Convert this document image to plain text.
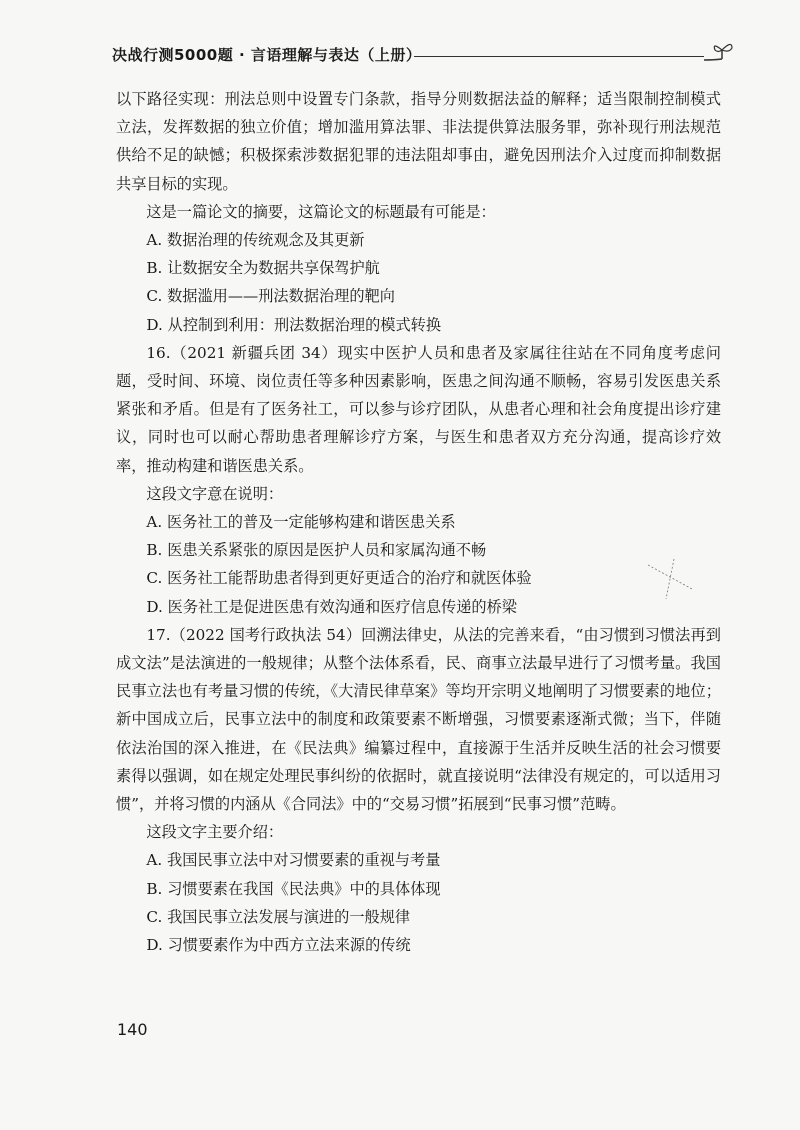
决战行测5000题 · 言语理解与表达（上册）

以下路径实现：刑法总则中设置专门条款，指导分则数据法益的解释；适当限制控制模式立法，发挥数据的独立价值；增加滥用算法罪、非法提供算法服务罪，弥补现行刑法规范供给不足的缺憾；积极探索涉数据犯罪的违法阻却事由，避免因刑法介入过度而抑制数据共享目标的实现。

这是一篇论文的摘要，这篇论文的标题最有可能是：

A. 数据治理的传统观念及其更新

B. 让数据安全为数据共享保驾护航

C. 数据滥用——刑法数据治理的靶向

D. 从控制到利用：刑法数据治理的模式转换

16.（2021 新疆兵团 34）现实中医护人员和患者及家属往往站在不同角度考虑问题，受时间、环境、岗位责任等多种因素影响，医患之间沟通不顺畅，容易引发医患关系紧张和矛盾。但是有了医务社工，可以参与诊疗团队，从患者心理和社会角度提出诊疗建议，同时也可以耐心帮助患者理解诊疗方案，与医生和患者双方充分沟通，提高诊疗效率，推动构建和谐医患关系。

这段文字意在说明：

A. 医务社工的普及一定能够构建和谐医患关系

B. 医患关系紧张的原因是医护人员和家属沟通不畅

C. 医务社工能帮助患者得到更好更适合的治疗和就医体验

D. 医务社工是促进医患有效沟通和医疗信息传递的桥梁

17.（2022 国考行政执法 54）回溯法律史，从法的完善来看，“由习惯到习惯法再到成文法”是法演进的一般规律；从整个法体系看，民、商事立法最早进行了习惯考量。我国民事立法也有考量习惯的传统，《大清民律草案》等均开宗明义地阐明了习惯要素的地位；新中国成立后，民事立法中的制度和政策要素不断增强，习惯要素逐渐式微；当下，伴随依法治国的深入推进，在《民法典》编纂过程中，直接源于生活并反映生活的社会习惯要素得以强调，如在规定处理民事纠纷的依据时，就直接说明“法律没有规定的，可以适用习惯”，并将习惯的内涵从《合同法》中的“交易习惯”拓展到“民事习惯”范畴。

这段文字主要介绍：

A. 我国民事立法中对习惯要素的重视与考量

B. 习惯要素在我国《民法典》中的具体体现

C. 我国民事立法发展与演进的一般规律

D. 习惯要素作为中西方立法来源的传统

140
